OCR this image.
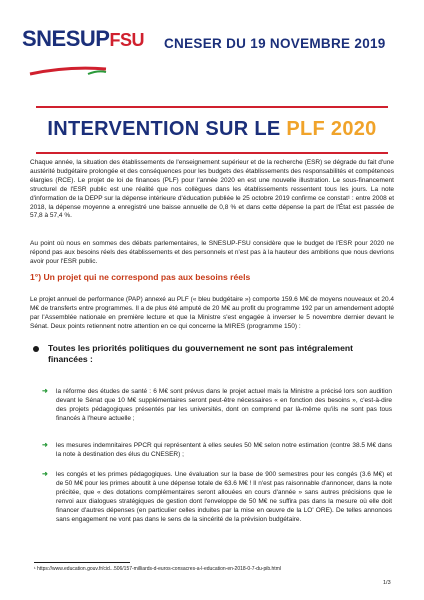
SNESUPFSU CNESER DU 19 NOVEMBRE 2019
INTERVENTION SUR LE PLF 2020
Chaque année, la situation des établissements de l'enseignement supérieur et de la recherche (ESR) se dégrade du fait d'une austérité budgétaire prolongée et des conséquences pour les budgets des établissements des responsabilités et compétences élargies (RCE). Le projet de loi de finances (PLF) pour l'année 2020 en est une nouvelle illustration. Le sous-financement structurel de l'ESR public est une réalité que nos collègues dans les établissements ressentent tous les jours. La note d'information de la DEPP sur la dépense intérieure d'éducation publiée le 25 octobre 2019 confirme ce constat¹ : entre 2008 et 2018, la dépense moyenne a enregistré une baisse annuelle de 0,8 % et dans cette dépense la part de l'État est passée de 57,8 à 57,4 %.
Au point où nous en sommes des débats parlementaires, le SNESUP-FSU considère que le budget de l'ESR pour 2020 ne répond pas aux besoins réels des établissements et des personnels et n'est pas à la hauteur des ambitions que nous devrions avoir pour l'ESR public.
1°) Un projet qui ne correspond pas aux besoins réels
Le projet annuel de performance (PAP) annexé au PLF (« bleu budgétaire ») comporte 159.6 M€ de moyens nouveaux et 20.4 M€ de transferts entre programmes. Il a de plus été amputé de 20 M€ au profit du programme 192 par un amendement adopté par l'Assemblée nationale en première lecture et que la Ministre s'est engagée à inverser le 5 novembre dernier devant le Sénat. Deux points retiennent notre attention en ce qui concerne la MIRES (programme 150) :
Toutes les priorités politiques du gouvernement ne sont pas intégralement financées :
➜ la réforme des études de santé : 6 M€ sont prévus dans le projet actuel mais la Ministre a précisé lors son audition devant le Sénat que 10 M€ supplémentaires seront peut-être nécessaires « en fonction des besoins », c'est-à-dire des projets pédagogiques présentés par les universités, dont on comprend par là-même qu'ils ne sont pas tous financés à l'heure actuelle ;
➜ les mesures indemnitaires PPCR qui représentent à elles seules 50 M€ selon notre estimation (contre 38.5 M€ dans la note à destination des élus du CNESER) ;
➜ les congés et les primes pédagogiques. Une évaluation sur la base de 900 semestres pour les congés (3.6 M€) et de 50 M€ pour les primes aboutit à une dépense totale de 63.6 M€ ! Il n'est pas raisonnable d'annoncer, dans la note précitée, que « des dotations complémentaires seront allouées en cours d'année » sans autres précisions que le renvoi aux dialogues stratégiques de gestion dont l'enveloppe de 50 M€ ne suffira pas dans la mesure où elle doit financer d'autres dépenses (en particulier celles induites par la mise en œuvre de la LO' ORE). De telles annonces sans engagement ne vont pas dans le sens de la sincérité de la prévision budgétaire.
¹ https://www.education.gouv.fr/cid...506/157-milliards-d-euros-consacres-a-l-education-en-2018-0-7-du-pib.html
1/3
